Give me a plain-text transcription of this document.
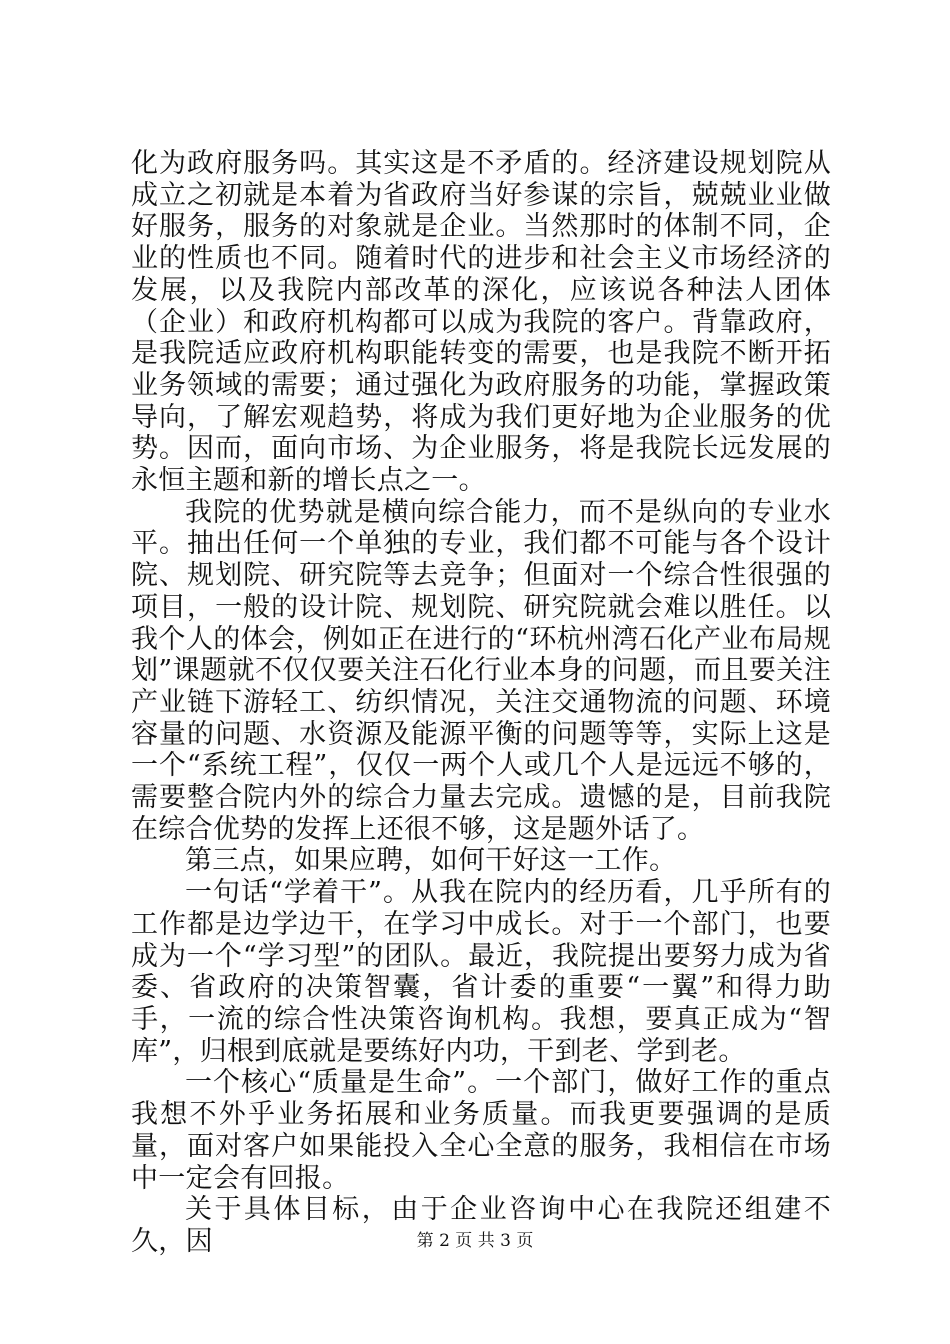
化为政府服务吗。其实这是不矛盾的。经济建设规划院从成立之初就是本着为省政府当好参谋的宗旨，兢兢业业做好服务，服务的对象就是企业。当然那时的体制不同，企业的性质也不同。随着时代的进步和社会主义市场经济的发展，以及我院内部改革的深化，应该说各种法人团体（企业）和政府机构都可以成为我院的客户。背靠政府，是我院适应政府机构职能转变的需要，也是我院不断开拓业务领域的需要；通过强化为政府服务的功能，掌握政策导向，了解宏观趋势，将成为我们更好地为企业服务的优势。因而，面向市场、为企业服务，将是我院长远发展的永恒主题和新的增长点之一。

我院的优势就是横向综合能力，而不是纵向的专业水平。抽出任何一个单独的专业，我们都不可能与各个设计院、规划院、研究院等去竞争；但面对一个综合性很强的项目，一般的设计院、规划院、研究院就会难以胜任。以我个人的体会，例如正在进行的“环杭州湾石化产业布局规划”课题就不仅仅要关注石化行业本身的问题，而且要关注产业链下游轻工、纺织情况，关注交通物流的问题、环境容量的问题、水资源及能源平衡的问题等等，实际上这是一个“系统工程”，仅仅一两个人或几个人是远远不够的，需要整合院内外的综合力量去完成。遗憾的是，目前我院在综合优势的发挥上还很不够，这是题外话了。

第三点，如果应聘，如何干好这一工作。

一句话“学着干”。从我在院内的经历看，几乎所有的工作都是边学边干，在学习中成长。对于一个部门，也要成为一个“学习型”的团队。最近，我院提出要努力成为省委、省政府的决策智囊，省计委的重要“一翼”和得力助手，一流的综合性决策咨询机构。我想，要真正成为“智库”，归根到底就是要练好内功，干到老、学到老。

一个核心“质量是生命”。一个部门，做好工作的重点我想不外乎业务拓展和业务质量。而我更要强调的是质量，面对客户如果能投入全心全意的服务，我相信在市场中一定会有回报。

关于具体目标，由于企业咨询中心在我院还组建不久，因	第 2 页 共 3 页
